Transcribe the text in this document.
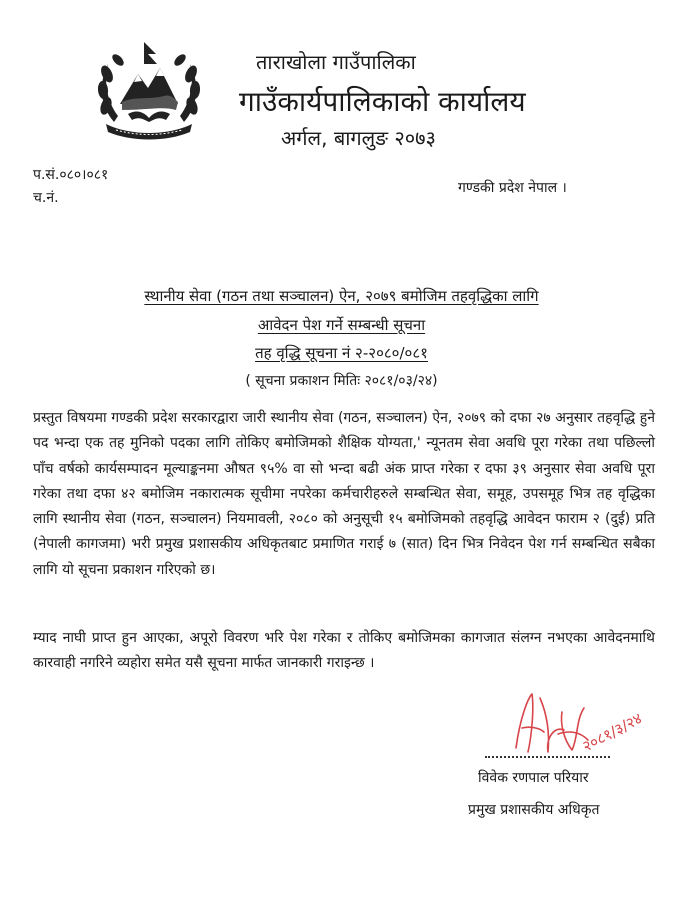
ताराखोला गाउँपालिका
गाउँकार्यपालिकाको कार्यालय
अर्गल, बागलुङ २०७३
प.सं.०८०।०८१
च.नं.
गण्डकी प्रदेश नेपाल ।
स्थानीय सेवा (गठन तथा सञ्चालन) ऐन, २०७९ बमोजिम तहवृद्धिका लागि
आवेदन पेश गर्ने सम्बन्धी सूचना
तह वृद्धि सूचना नं २-२०८०/०८१
( सूचना प्रकाशन मितिः २०८१/०३/२४)
प्रस्तुत विषयमा गण्डकी प्रदेश सरकारद्वारा जारी स्थानीय सेवा (गठन, सञ्चालन) ऐन, २०७९ को दफा २७ अनुसार तहवृद्धि हुने पद भन्दा एक तह मुनिको पदका लागि तोकिए बमोजिमको शैक्षिक योग्यता,' न्यूनतम सेवा अवधि पूरा गरेका तथा पछिल्लो पाँच वर्षको कार्यसम्पादन मूल्याङ्कनमा औषत ९५% वा सो भन्दा बढी अंक प्राप्त गरेका र दफा ३९ अनुसार सेवा अवधि पूरा गरेका तथा दफा ४२ बमोजिम नकारात्मक सूचीमा नपरेका कर्मचारीहरुले सम्बन्धित सेवा, समूह, उपसमूह भित्र तह वृद्धिका लागि स्थानीय सेवा (गठन, सञ्चालन) नियमावली, २०८० को अनुसूची १५ बमोजिमको तहवृद्धि आवेदन फाराम २ (दुई) प्रति (नेपाली कागजमा) भरी प्रमुख प्रशासकीय अधिकृतबाट प्रमाणित गराई ७ (सात) दिन भित्र निवेदन पेश गर्न सम्बन्धित सबैका लागि यो सूचना प्रकाशन गरिएको छ।
म्याद नाघी प्राप्त हुन आएका, अपूरो विवरण भरि पेश गरेका र तोकिए बमोजिमका कागजात संलग्न नभएका आवेदनमाथि कारवाही नगरिने व्यहोरा समेत यसै सूचना मार्फत जानकारी गराइन्छ ।
२०८१/३/२४
विवेक रणपाल परियार
प्रमुख प्रशासकीय अधिकृत
